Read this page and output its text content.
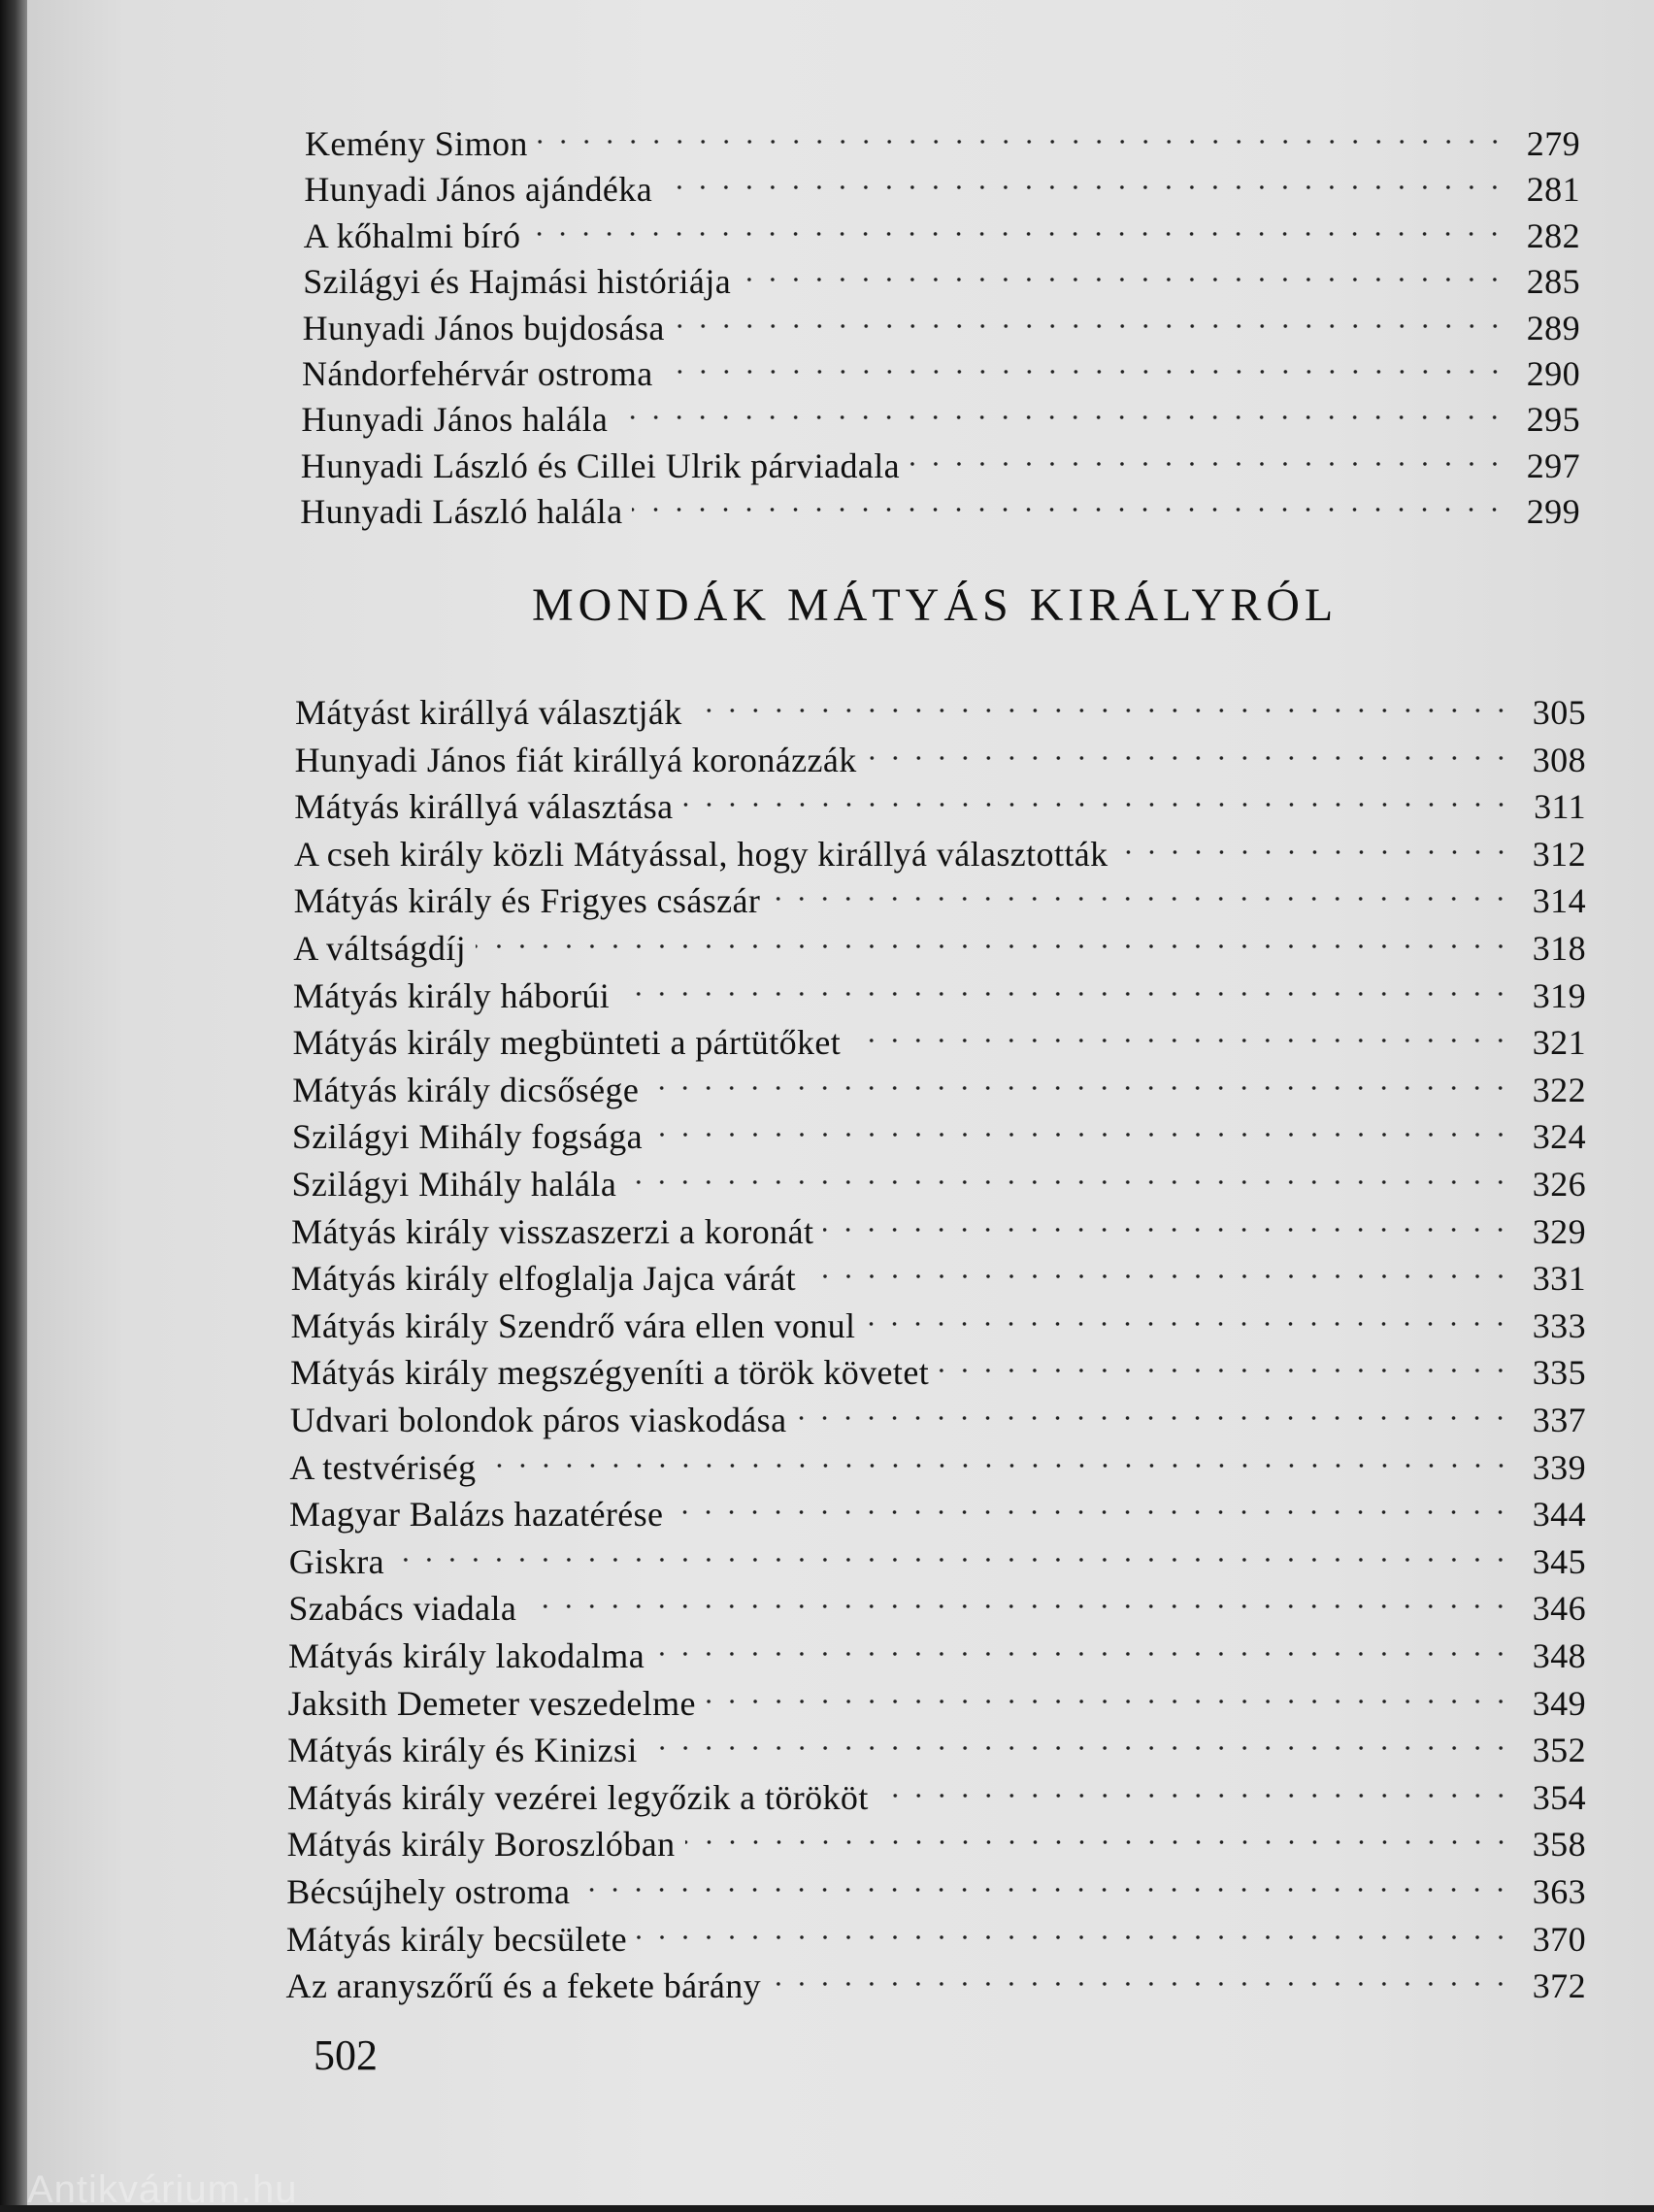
Kemény Simon	279
Hunyadi János ajándéka	281
A kőhalmi bíró	282
Szilágyi és Hajmási históriája	285
Hunyadi János bujdosása	289
Nándorfehérvár ostroma	290
Hunyadi János halála	295
Hunyadi László és Cillei Ulrik párviadala	297
Hunyadi László halála	299
Mátyást királlyá választják	305
Hunyadi János fiát királlyá koronázzák	308
Mátyás királlyá választása	311
A cseh király közli Mátyással, hogy királlyá választották	312
Mátyás király és Frigyes császár	314
A váltságdíj	318
Mátyás király háborúi	319
Mátyás király megbünteti a pártütőket	321
Mátyás király dicsősége	322
Szilágyi Mihály fogsága	324
Szilágyi Mihály halála	326
Mátyás király visszaszerzi a koronát	329
Mátyás király elfoglalja Jajca várát	331
Mátyás király Szendrő vára ellen vonul	333
Mátyás király megszégyeníti a török követet	335
Udvari bolondok páros viaskodása	337
A testvériség	339
Magyar Balázs hazatérése	344
Giskra	345
Szabács viadala	346
Mátyás király lakodalma	348
Jaksith Demeter veszedelme	349
Mátyás király és Kinizsi	352
Mátyás király vezérei legyőzik a törököt	354
Mátyás király Boroszlóban	358
Bécsújhely ostroma	363
Mátyás király becsülete	370
Az aranyszőrű és a fekete bárány	372
MONDÁK MÁTYÁS KIRÁLYRÓL
502
Antikvárium.hu
